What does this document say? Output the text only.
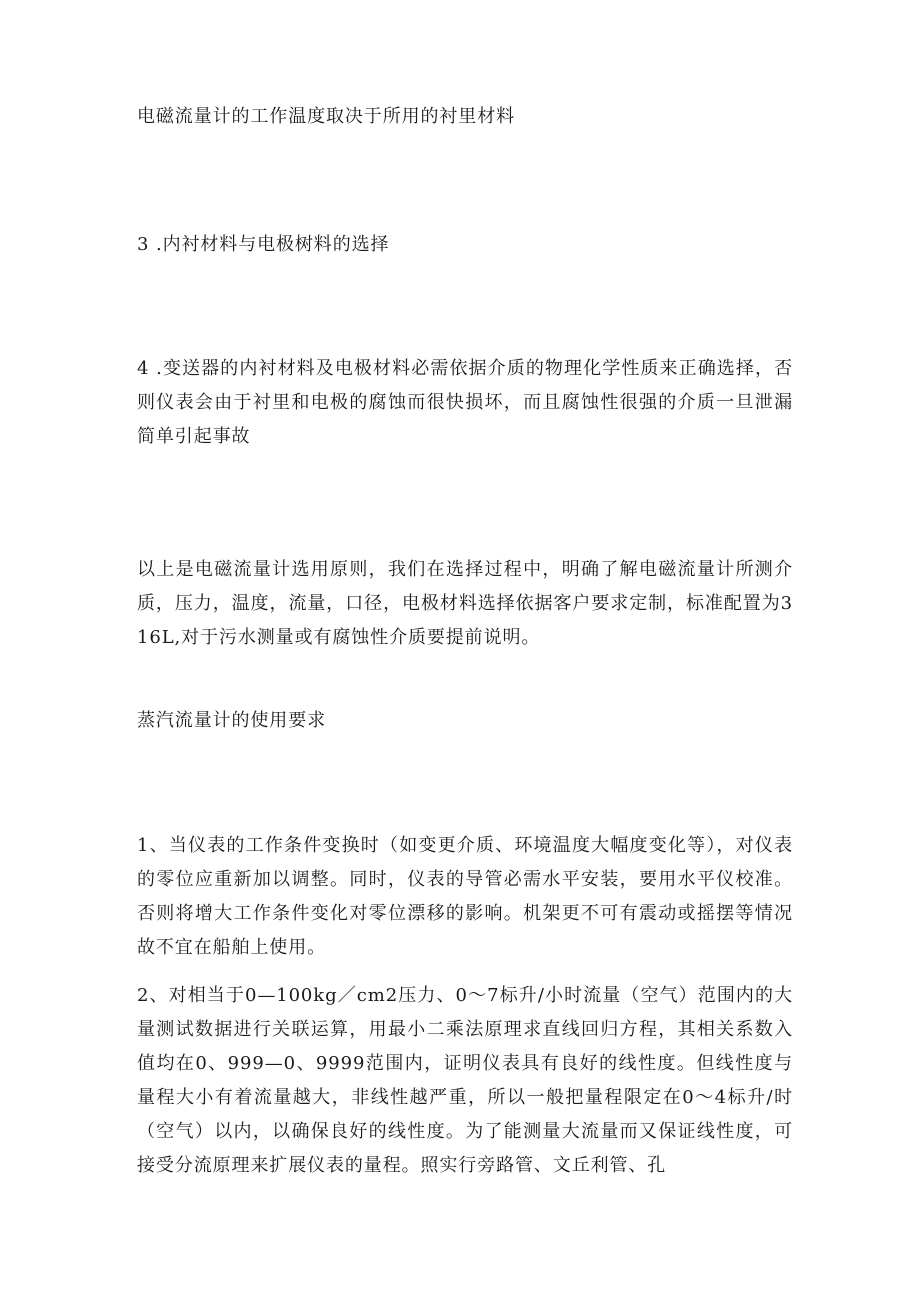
电磁流量计的工作温度取决于所用的衬里材料

3 .内衬材料与电极树料的选择

4 .变送器的内衬材料及电极材料必需依据介质的物理化学性质来正确选择，否则仪表会由于衬里和电极的腐蚀而很快损坏，而且腐蚀性很强的介质一旦泄漏简单引起事故

以上是电磁流量计选用原则，我们在选择过程中，明确了解电磁流量计所测介质，压力，温度，流量，口径，电极材料选择依据客户要求定制，标准配置为316L,对于污水测量或有腐蚀性介质要提前说明。

蒸汽流量计的使用要求

1、当仪表的工作条件变换时（如变更介质、环境温度大幅度变化等），对仪表的零位应重新加以调整。同时，仪表的导管必需水平安装，要用水平仪校准。否则将增大工作条件变化对零位漂移的影响。机架更不可有震动或摇摆等情况故不宜在船舶上使用。

2、对相当于0—100kg／cm2压力、0～7标升/小时流量（空气）范围内的大量测试数据进行关联运算，用最小二乘法原理求直线回归方程，其相关系数入值均在0、999—0、9999范围内，证明仪表具有良好的线性度。但线性度与量程大小有着流量越大，非线性越严重，所以一般把量程限定在0～4标升/时（空气）以内，以确保良好的线性度。为了能测量大流量而又保证线性度，可接受分流原理来扩展仪表的量程。照实行旁路管、文丘利管、孔
